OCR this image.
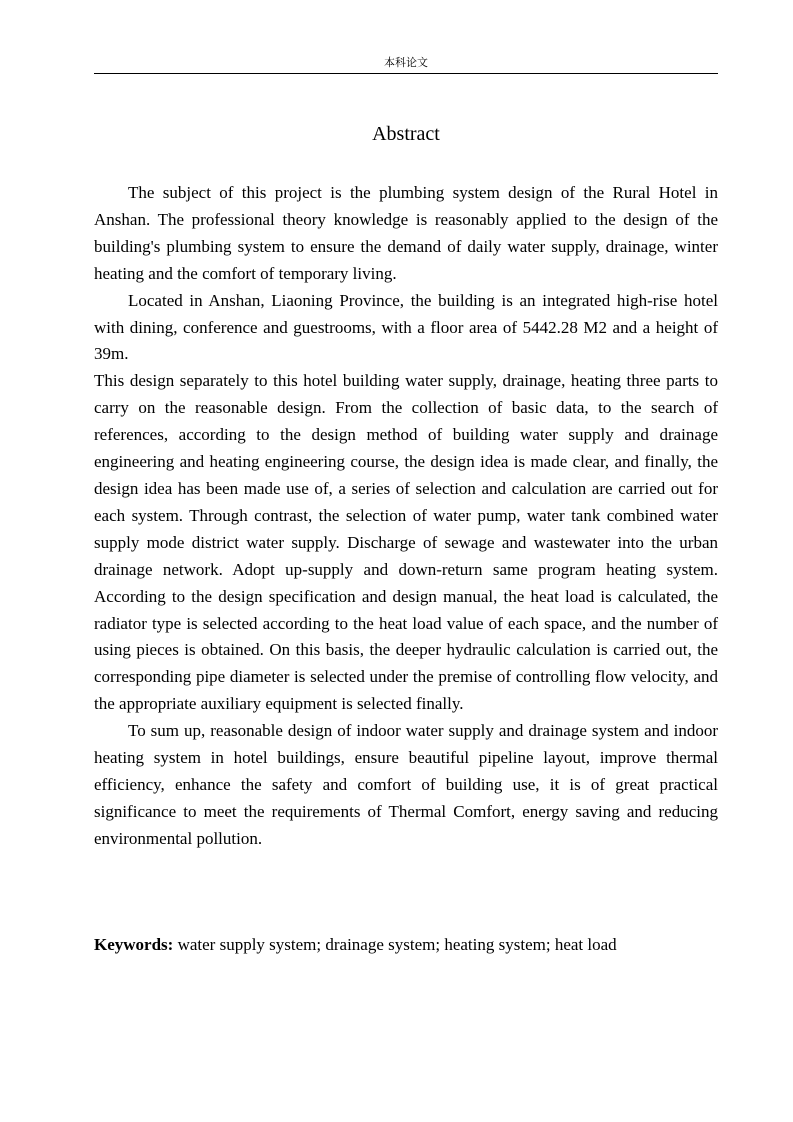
本科论文
Abstract

The subject of this project is the plumbing system design of the Rural Hotel in Anshan. The professional theory knowledge is reasonably applied to the design of the building's plumbing system to ensure the demand of daily water supply, drainage, winter heating and the comfort of temporary living.

Located in Anshan, Liaoning Province, the building is an integrated high-rise hotel with dining, conference and guestrooms, with a floor area of 5442.28 M2 and a height of 39m.

This design separately to this hotel building water supply, drainage, heating three parts to carry on the reasonable design. From the collection of basic data, to the search of references, according to the design method of building water supply and drainage engineering and heating engineering course, the design idea is made clear, and finally, the design idea has been made use of, a series of selection and calculation are carried out for each system. Through contrast, the selection of water pump, water tank combined water supply mode district water supply. Discharge of sewage and wastewater into the urban drainage network. Adopt up-supply and down-return same program heating system. According to the design specification and design manual, the heat load is calculated, the radiator type is selected according to the heat load value of each space, and the number of using pieces is obtained. On this basis, the deeper hydraulic calculation is carried out, the corresponding pipe diameter is selected under the premise of controlling flow velocity, and the appropriate auxiliary equipment is selected finally.

To sum up, reasonable design of indoor water supply and drainage system and indoor heating system in hotel buildings, ensure beautiful pipeline layout, improve thermal efficiency, enhance the safety and comfort of building use, it is of great practical significance to meet the requirements of Thermal Comfort, energy saving and reducing environmental pollution.

Keywords: water supply system; drainage system; heating system; heat load
